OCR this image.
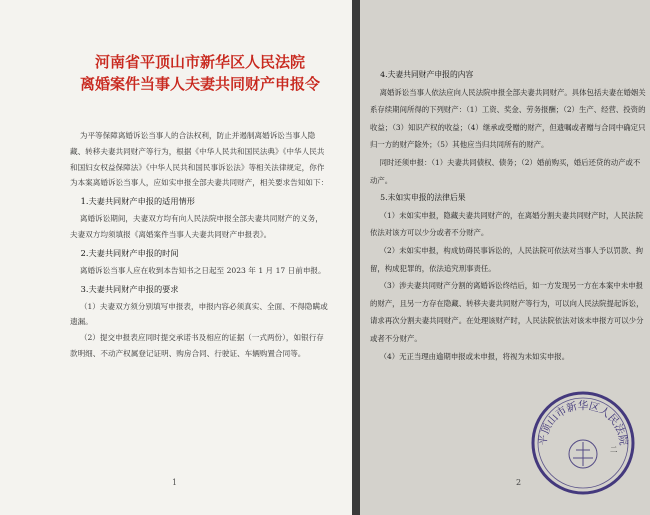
河南省平顶山市新华区人民法院

离婚案件当事人夫妻共同财产申报令

为平等保障离婚诉讼当事人的合法权利，防止并遏制离婚诉讼当事人隐藏、转移夫妻共同财产等行为，根据《中华人民共和国民法典》《中华人民共和国妇女权益保障法》《中华人民共和国民事诉讼法》等相关法律规定，你作为本案离婚诉讼当事人，应如实申报全部夫妻共同财产，相关要求告知如下：

1.夫妻共同财产申报的适用情形

离婚诉讼期间，夫妻双方均有向人民法院申报全部夫妻共同财产的义务，夫妻双方均须填报《离婚案件当事人夫妻共同财产申报表》。

2.夫妻共同财产申报的时间

离婚诉讼当事人应在收到本告知书之日起至 2023 年 1 月 17 日前申报。

3.夫妻共同财产申报的要求

（1）夫妻双方须分别填写申报表，申报内容必须真实、全面、不得隐瞒或遗漏。

（2）提交申报表应同时提交承诺书及相应的证据（一式两份），如银行存款明细、不动产权属登记证明、购房合同、行驶证、车辆购置合同等。

1

4.夫妻共同财产申报的内容

离婚诉讼当事人依法应向人民法院申报全部夫妻共同财产。具体包括夫妻在婚姻关系存续期间所得的下列财产：（1）工资、奖金、劳务报酬；（2）生产、经营、投资的收益；（3）知识产权的收益；（4）继承或受赠的财产，但遗嘱或者赠与合同中确定只归一方的财产除外；（5）其他应当归共同所有的财产。

同时还须申报：（1）夫妻共同债权、债务；（2）婚前购买，婚后还贷的动产或不动产。

5.未如实申报的法律后果

（1）未如实申报，隐藏夫妻共同财产的，在离婚分割夫妻共同财产时，人民法院依法对该方可以少分或者不分财产。

（2）未如实申报，构成妨碍民事诉讼的，人民法院可依法对当事人予以罚款、拘留，构成犯罪的，依法追究刑事责任。

（3）涉夫妻共同财产分割的离婚诉讼终结后，如一方发现另一方在本案中未申报的财产，且另一方存在隐藏、转移夫妻共同财产等行为，可以向人民法院提起诉讼，请求再次分割夫妻共同财产。在处理该财产时，人民法院依法对该未申报方可以少分或者不分财产。

（4）无正当理由逾期申报或未申报，将视为未如实申报。

平顶山市新华区人民法院
二
2
